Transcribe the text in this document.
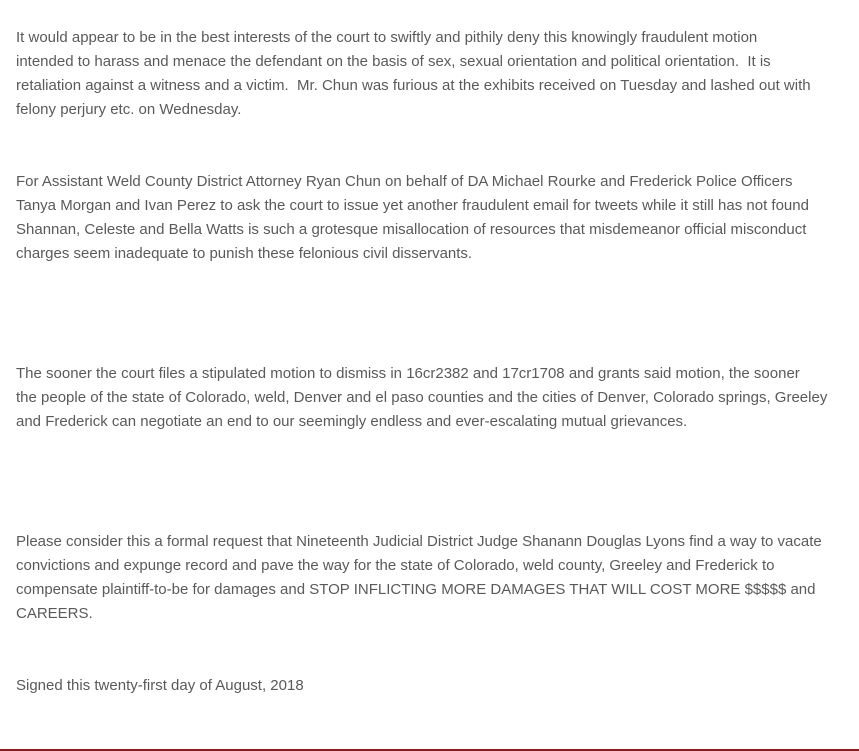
It would appear to be in the best interests of the court to swiftly and pithily deny this knowingly fraudulent motion
intended to harass and menace the defendant on the basis of sex, sexual orientation and political orientation.  It is
retaliation against a witness and a victim.  Mr. Chun was furious at the exhibits received on Tuesday and lashed out with
felony perjury etc. on Wednesday.

For Assistant Weld County District Attorney Ryan Chun on behalf of DA Michael Rourke and Frederick Police Officers
Tanya Morgan and Ivan Perez to ask the court to issue yet another fraudulent email for tweets while it still has not found
Shannan, Celeste and Bella Watts is such a grotesque misallocation of resources that misdemeanor official misconduct
charges seem inadequate to punish these felonious civil disservants.

The sooner the court files a stipulated motion to dismiss in 16cr2382 and 17cr1708 and grants said motion, the sooner
the people of the state of Colorado, weld, Denver and el paso counties and the cities of Denver, Colorado springs, Greeley
and Frederick can negotiate an end to our seemingly endless and ever-escalating mutual grievances.

Please consider this a formal request that Nineteenth Judicial District Judge Shanann Douglas Lyons find a way to vacate
convictions and expunge record and pave the way for the state of Colorado, weld county, Greeley and Frederick to
compensate plaintiff-to-be for damages and STOP INFLICTING MORE DAMAGES THAT WILL COST MORE $$$$$ and
CAREERS.

Signed this twenty-first day of August, 2018
